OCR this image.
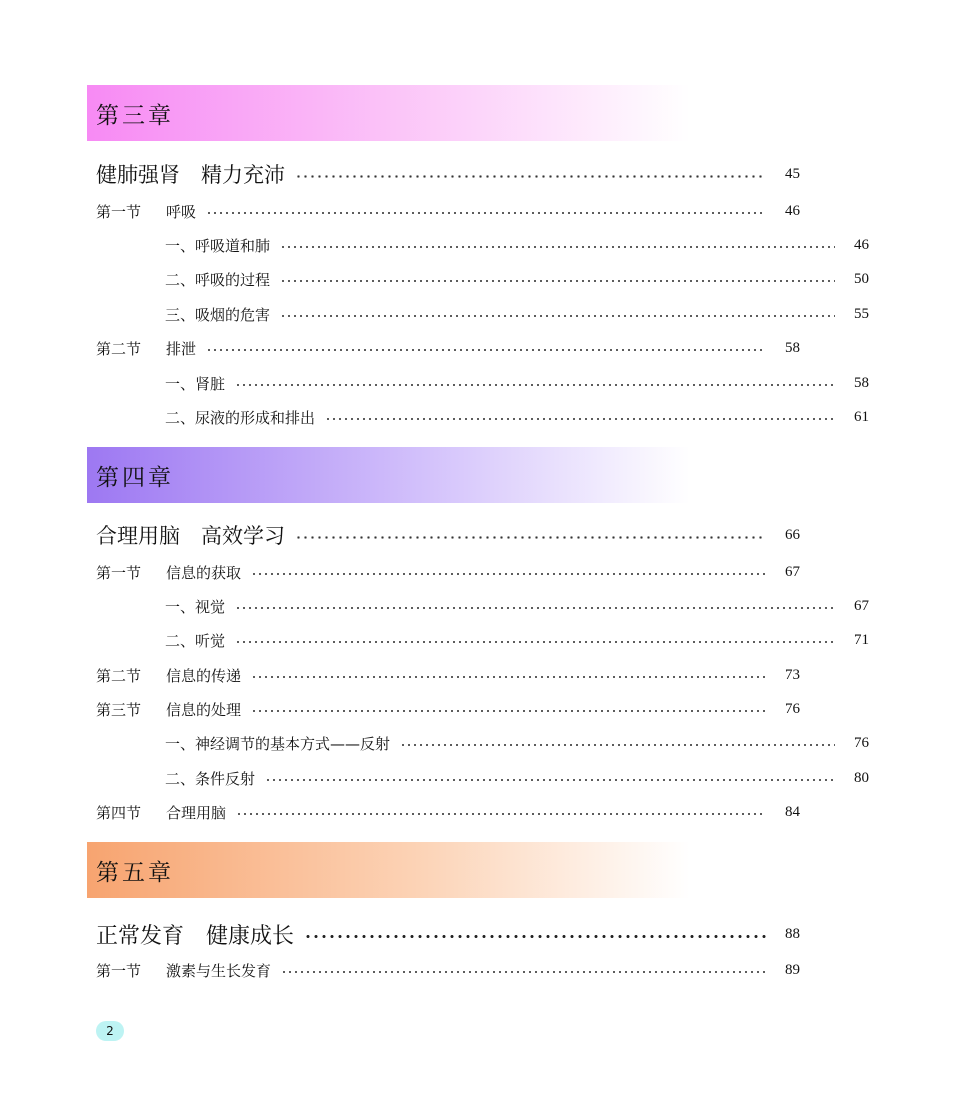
第三章
健肺强肾　精力充沛	45
第一节 呼吸	46
一、呼吸道和肺	46
二、呼吸的过程	50
三、吸烟的危害	55
第二节 排泄	58
一、肾脏	58
二、尿液的形成和排出	61
第四章
合理用脑　高效学习	66
第一节 信息的获取	67
一、视觉	67
二、听觉	71
第二节 信息的传递	73
第三节 信息的处理	76
一、神经调节的基本方式——反射	76
二、条件反射	80
第四节 合理用脑	84
第五章
正常发育　健康成长	88
第一节 激素与生长发育	89
2
